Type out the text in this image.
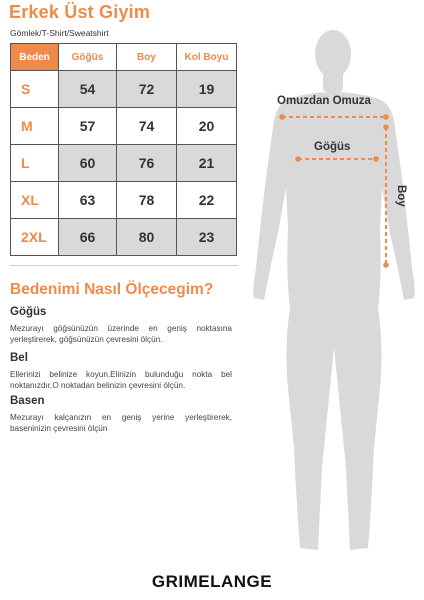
Erkek Üst Giyim
Gömlek/T-Shirt/Sweatshirt
Beden	Göğüs	Boy	Kol Boyu
S	54	72	19
M	57	74	20
L	60	76	21
XL	63	78	22
2XL	66	80	23
Bedenimi Nasıl Ölçecegim?
Göğüs
Mezurayı göğsünüzün üzerinde en geniş noktasına yerleştirerek, göğsünüzün çevresini ölçün.
Bel
Ellerinizi belinize koyun.Elinizin bulunduğu nokta bel noktanızdır.O noktadan belinizin çevresini ölçün.
Basen
Mezurayı kalçanızın en geniş yerine yerleştirerek, baseninizin çevresini ölçün
Omuzdan Omuza
Göğüs
Boy
GRIMELANGE
